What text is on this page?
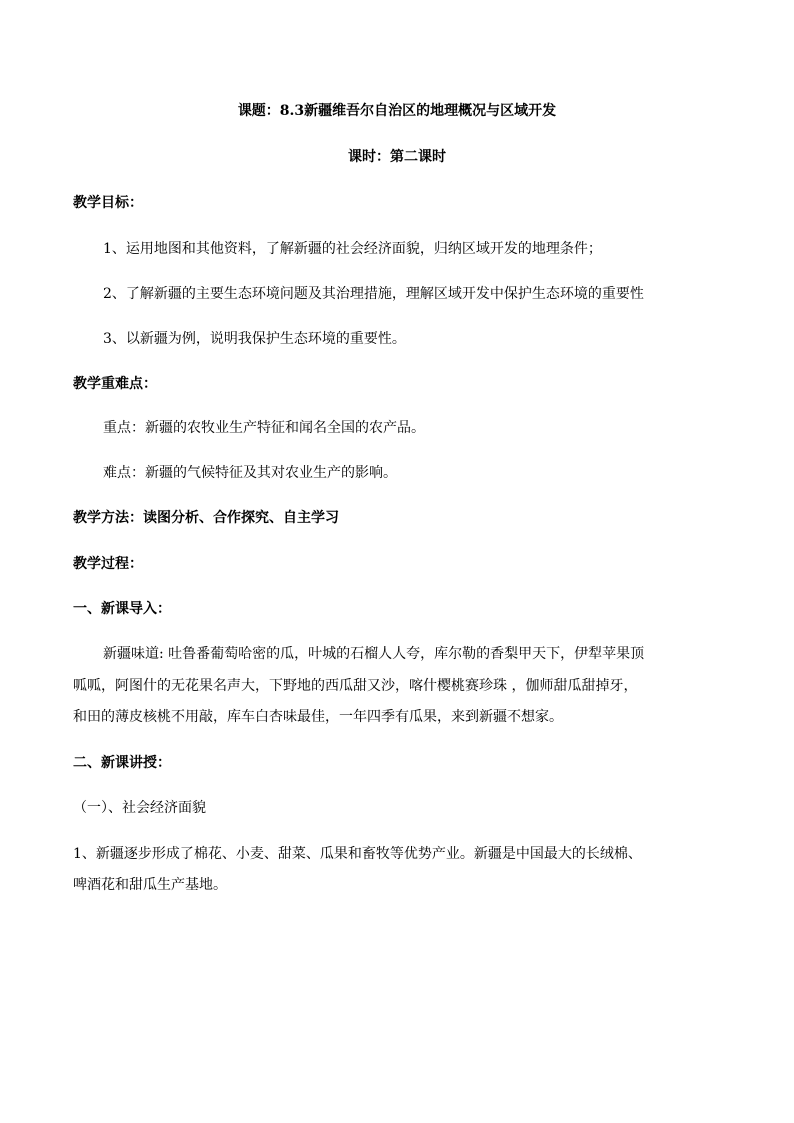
课题：8.3新疆维吾尔自治区的地理概况与区域开发
课时：第二课时
教学目标：
1、运用地图和其他资料，了解新疆的社会经济面貌，归纳区域开发的地理条件；
2、了解新疆的主要生态环境问题及其治理措施，理解区域开发中保护生态环境的重要性
3、以新疆为例，说明我保护生态环境的重要性。
教学重难点：
重点：新疆的农牧业生产特征和闻名全国的农产品。
难点：新疆的气候特征及其对农业生产的影响。
教学方法：读图分析、合作探究、自主学习
教学过程：
一、新课导入：
新疆味道: 吐鲁番葡萄哈密的瓜，叶城的石榴人人夸，库尔勒的香梨甲天下，伊犁苹果顶
呱呱，阿图什的无花果名声大，下野地的西瓜甜又沙，喀什樱桃赛珍珠 ，伽师甜瓜甜掉牙，
和田的薄皮核桃不用敲，库车白杏味最佳，一年四季有瓜果，来到新疆不想家。
二、新课讲授：
（一）、社会经济面貌
1、新疆逐步形成了棉花、小麦、甜菜、瓜果和畜牧等优势产业。新疆是中国最大的长绒棉、
啤酒花和甜瓜生产基地。
